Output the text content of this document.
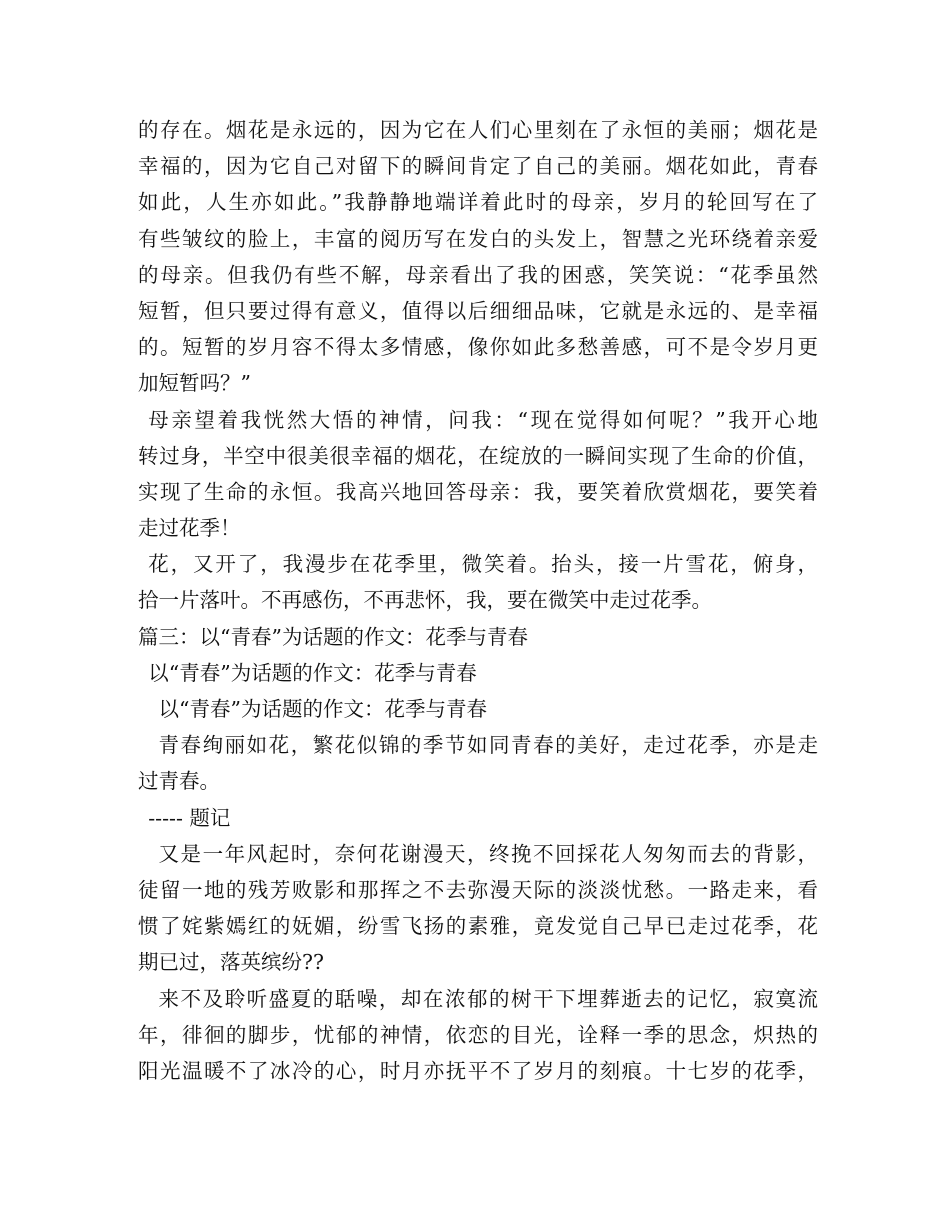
的存在。烟花是永远的，因为它在人们心里刻在了永恒的美丽；烟花是
幸福的，因为它自己对留下的瞬间肯定了自己的美丽。烟花如此，青春
如此，人生亦如此。”我静静地端详着此时的母亲，岁月的轮回写在了
有些皱纹的脸上，丰富的阅历写在发白的头发上，智慧之光环绕着亲爱
的母亲。但我仍有些不解，母亲看出了我的困惑，笑笑说：“花季虽然
短暂，但只要过得有意义，值得以后细细品味，它就是永远的、是幸福
的。短暂的岁月容不得太多情感，像你如此多愁善感，可不是令岁月更
加短暂吗？”
母亲望着我恍然大悟的神情，问我：“现在觉得如何呢？”我开心地
转过身，半空中很美很幸福的烟花，在绽放的一瞬间实现了生命的价值，
实现了生命的永恒。我高兴地回答母亲：我，要笑着欣赏烟花，要笑着
走过花季！
花，又开了，我漫步在花季里，微笑着。抬头，接一片雪花，俯身，
拾一片落叶。不再感伤，不再悲怀，我，要在微笑中走过花季。
篇三：以“青春”为话题的作文：花季与青春
以“青春”为话题的作文：花季与青春
以“青春”为话题的作文：花季与青春
青春绚丽如花，繁花似锦的季节如同青春的美好，走过花季，亦是走
过青春。
----- 题记
又是一年风起时，奈何花谢漫天，终挽不回採花人匆匆而去的背影，
徒留一地的残芳败影和那挥之不去弥漫天际的淡淡忧愁。一路走来，看
惯了姹紫嫣红的妩媚，纷雪飞扬的素雅，竟发觉自己早已走过花季，花
期已过，落英缤纷??
来不及聆听盛夏的聒噪，却在浓郁的树干下埋葬逝去的记忆，寂寞流
年，徘徊的脚步，忧郁的神情，依恋的目光，诠释一季的思念，炽热的
阳光温暖不了冰冷的心，时月亦抚平不了岁月的刻痕。十七岁的花季，
